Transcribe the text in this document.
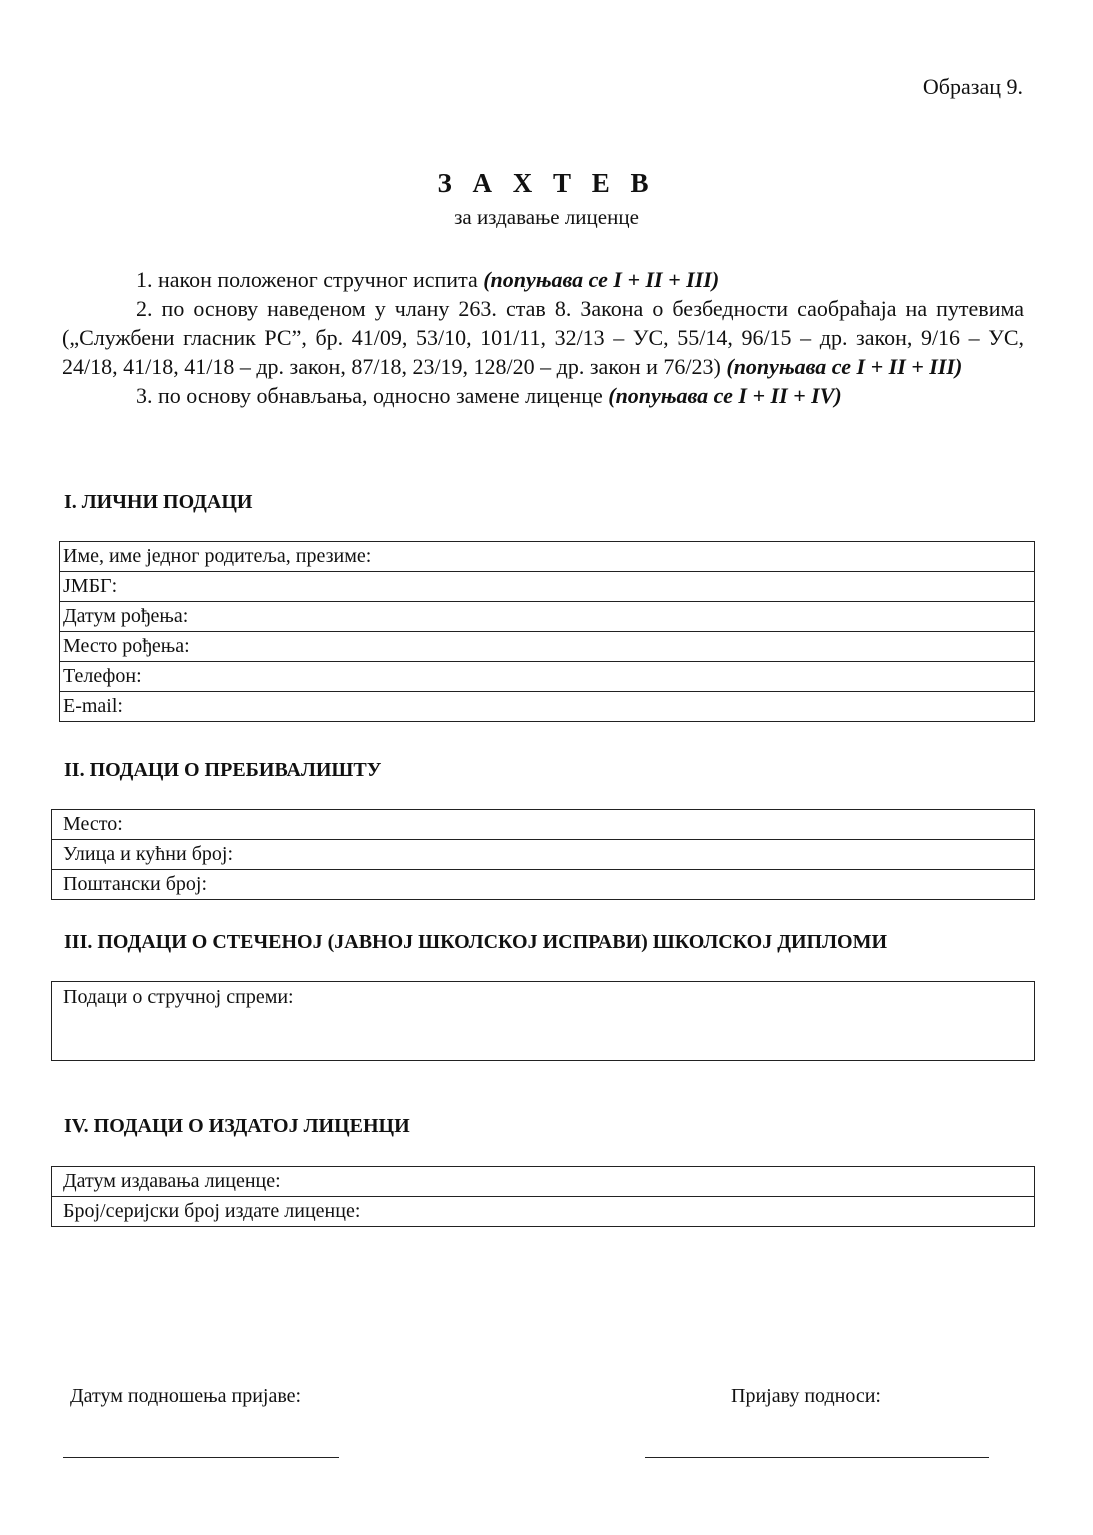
Образац 9.
З А Х Т Е В
за издавање лиценце

1. након положеног стручног испита (попуњава се I + II + III)

2. по основу наведеном у члану 263. став 8. Закона о безбедности саобраћаја на путевима („Службени гласник РС”, бр. 41/09, 53/10, 101/11, 32/13 – УС, 55/14, 96/15 – др. закон, 9/16 – УС, 24/18, 41/18, 41/18 – др. закон, 87/18, 23/19, 128/20 – др. закон и 76/23) (попуњава се I + II + III)

3. по основу обнављања, односно замене лиценце (попуњава се I + II + IV)

I. ЛИЧНИ ПОДАЦИ
Име, име једног родитеља, презиме:
ЈМБГ:
Датум рођења:
Место рођења:
Телефон:
E-mail:
II. ПОДАЦИ О ПРЕБИВАЛИШТУ
Место:
Улица и кућни број:
Поштански број:
III. ПОДАЦИ О СТЕЧЕНОЈ (ЈАВНОЈ ШКОЛСКОЈ ИСПРАВИ) ШКОЛСКОЈ ДИПЛОМИ
Подаци о стручној спреми:
IV. ПОДАЦИ О ИЗДАТОЈ ЛИЦЕНЦИ
Датум издавања лиценце:
Број/серијски број издате лиценце:
Датум подношења пријаве:	Пријаву подноси:
